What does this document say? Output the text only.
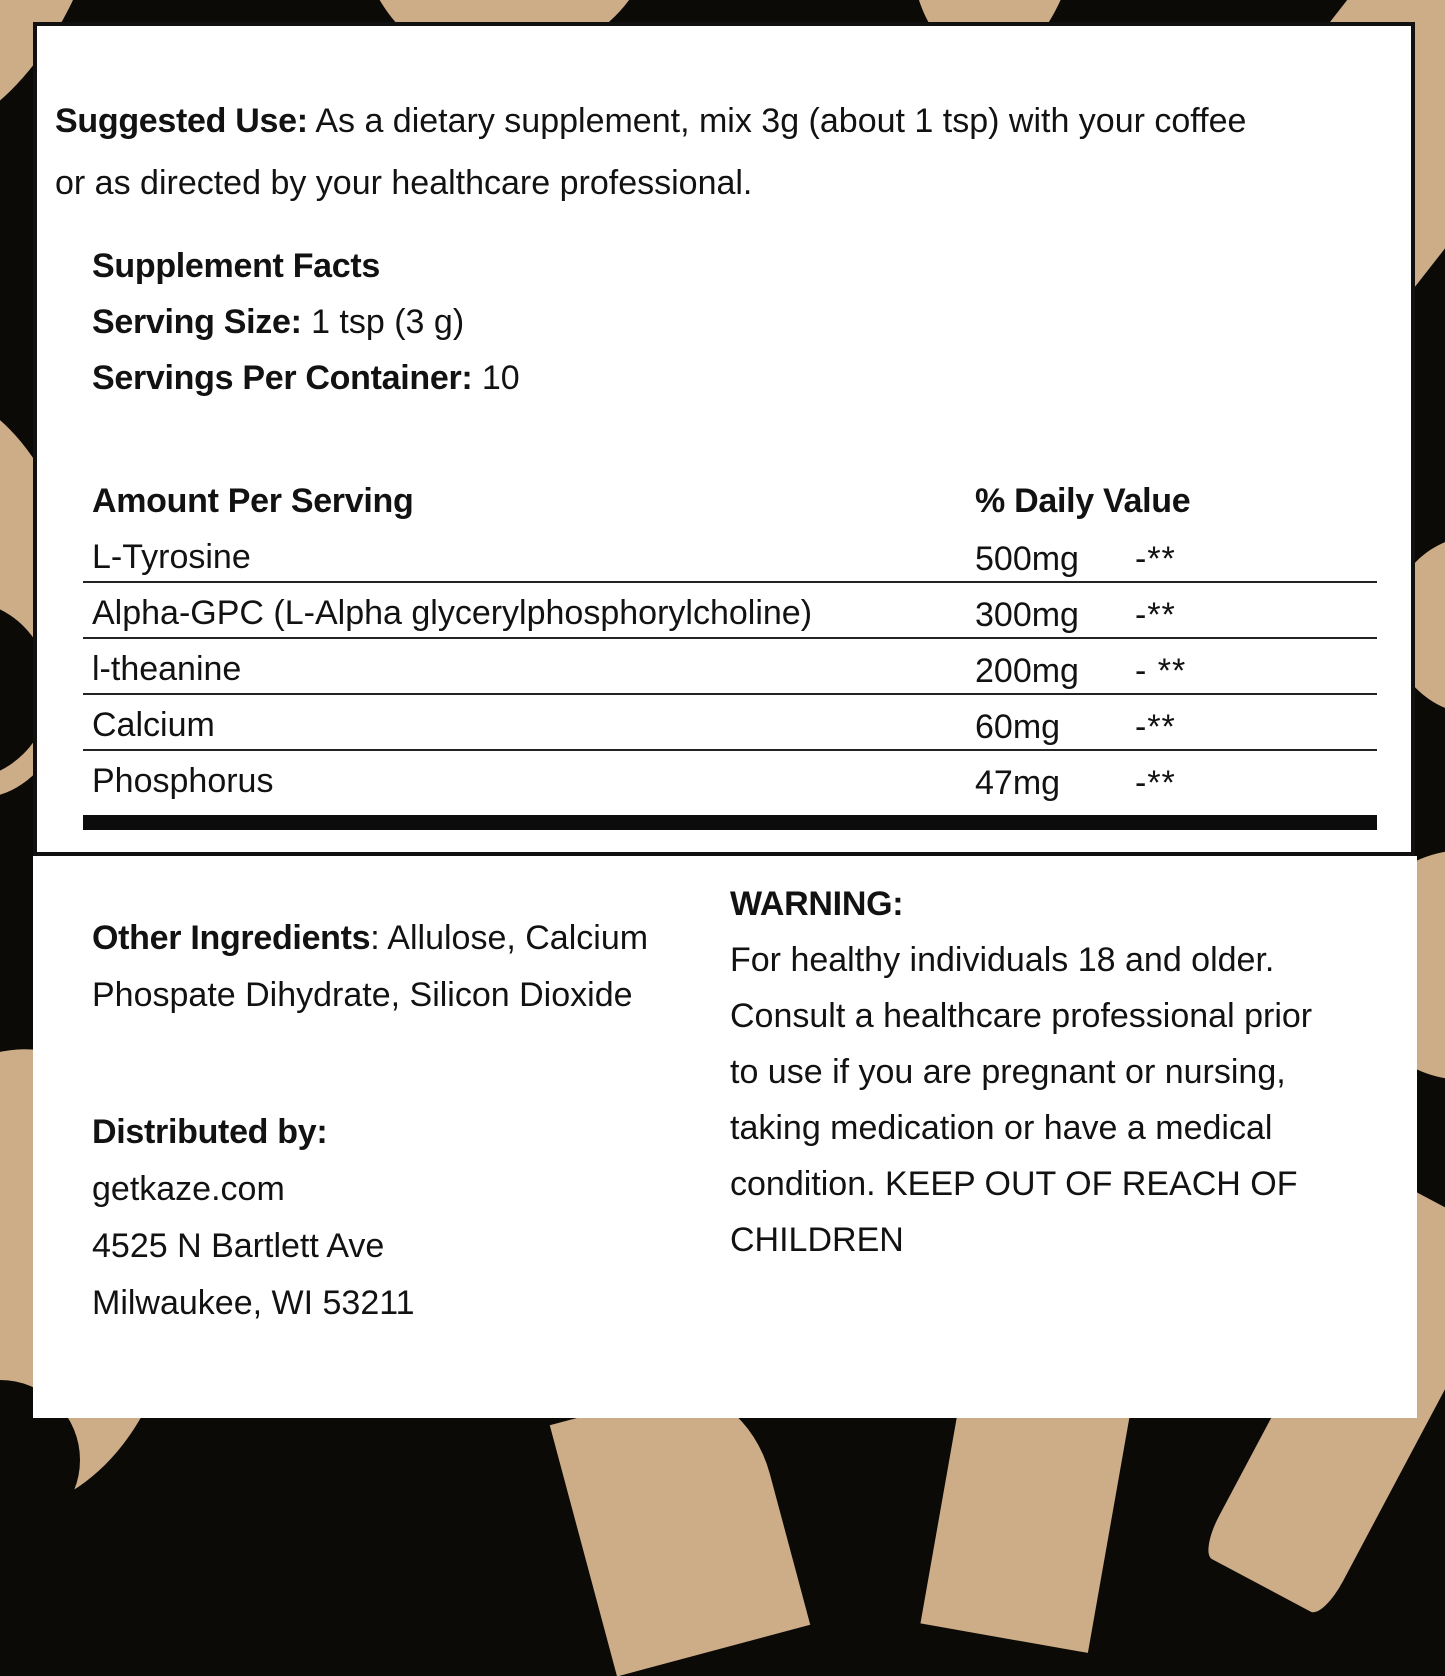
Suggested Use: As a dietary supplement, mix 3g (about 1 tsp) with your coffee or as directed by your healthcare professional.

Supplement Facts
Serving Size: 1 tsp (3 g)
Servings Per Container: 10
Amount Per Serving	% Daily Value
L-Tyrosine	500mg -**
Alpha-GPC (L-Alpha glycerylphosphorylcholine)	300mg -**
l-theanine	200mg - **
Calcium	60mg -**
Phosphorus	47mg -**

Other Ingredients: Allulose, Calcium Phospate Dihydrate, Silicon Dioxide

WARNING:
For healthy individuals 18 and older. Consult a healthcare professional prior to use if you are pregnant or nursing, taking medication or have a medical condition. KEEP OUT OF REACH OF CHILDREN
Distributed by:
getkaze.com
4525 N Bartlett Ave
Milwaukee, WI 53211
